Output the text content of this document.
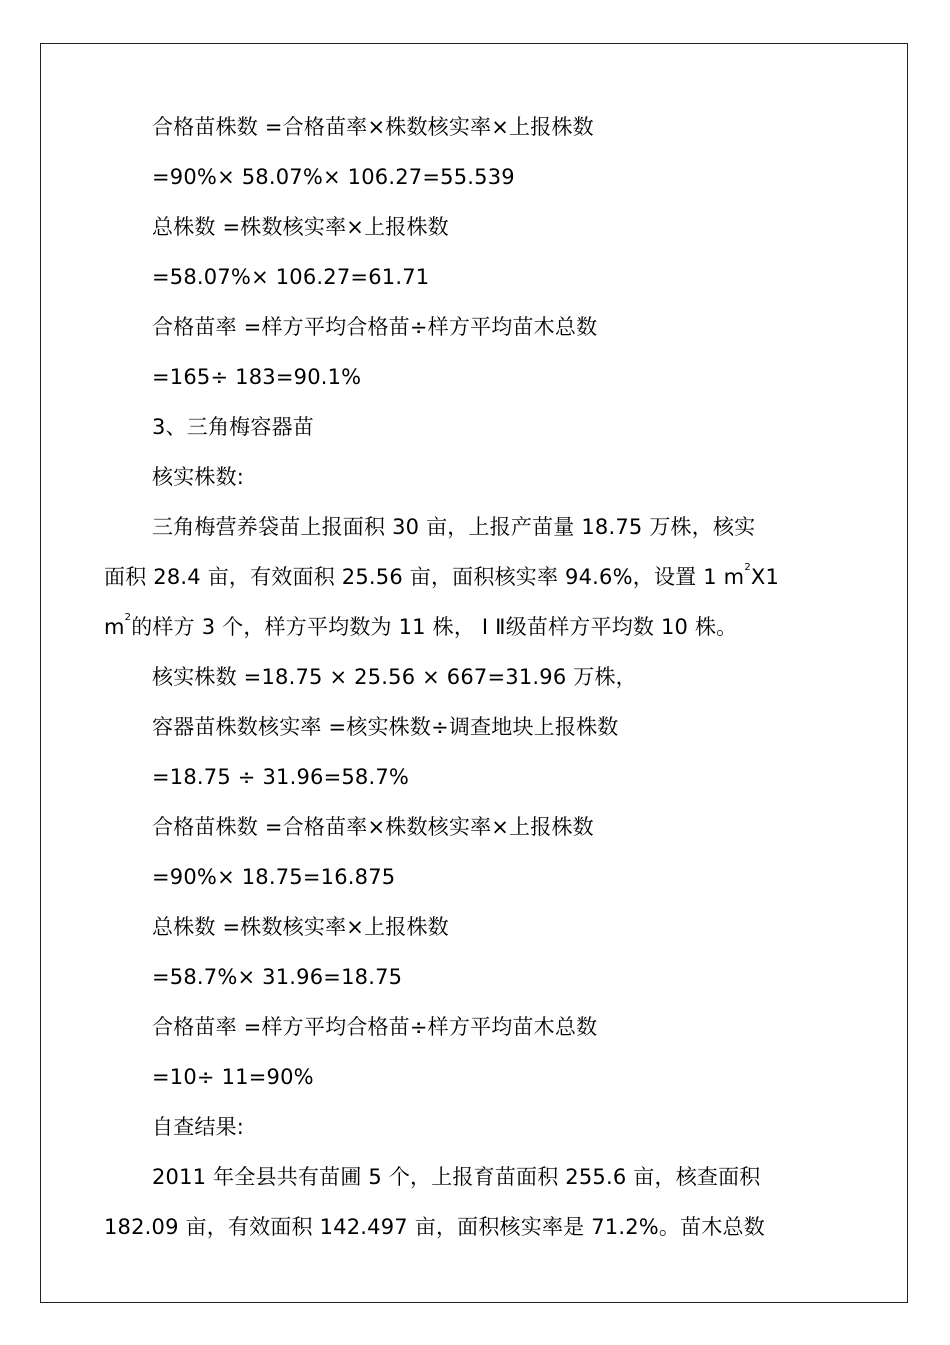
合格苗株数 =合格苗率×株数核实率×上报株数
=90%× 58.07%× 106.27=55.539
总株数 =株数核实率×上报株数
=58.07%× 106.27=61.71
合格苗率 =样方平均合格苗÷样方平均苗木总数
=165÷ 183=90.1%
3、三角梅容器苗
核实株数:
三角梅营养袋苗上报面积 30 亩，上报产苗量 18.75 万株，核实
面积 28.4 亩，有效面积 25.56 亩，面积核实率 94.6%，设置 1 $m^2X1$
$m^2$的样方 3 个，样方平均数为 11 株， Ⅰ Ⅱ级苗样方平均数 10 株。
核实株数 =18.75 × 25.56 × 667=31.96 万株，
容器苗株数核实率 =核实株数÷调查地块上报株数
=18.75 ÷ 31.96=58.7%
合格苗株数 =合格苗率×株数核实率×上报株数
=90%× 18.75=16.875
总株数 =株数核实率×上报株数
=58.7%× 31.96=18.75
合格苗率 =样方平均合格苗÷样方平均苗木总数
=10÷ 11=90%
自查结果:
2011 年全县共有苗圃 5 个，上报育苗面积 255.6 亩，核查面积
182.09 亩，有效面积 142.497 亩，面积核实率是 71.2%。苗木总数
